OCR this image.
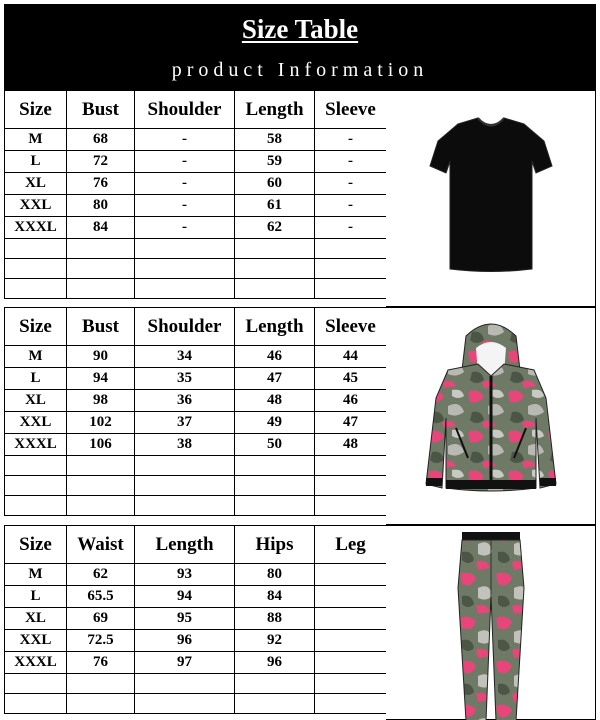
Size Table
product Information
Size	Bust	Shoulder	Length	Sleeve
M	68	-	58	-
L	72	-	59	-
XL	76	-	60	-
XXL	80	-	61	-
XXXL	84	-	62	-

Size	Bust	Shoulder	Length	Sleeve
M	90	34	46	44
L	94	35	47	45
XL	98	36	48	46
XXL	102	37	49	47
XXXL	106	38	50	48

Size	Waist	Length	Hips	Leg
M	62	93	80	
L	65.5	94	84	
XL	69	95	88	
XXL	72.5	96	92	
XXXL	76	97	96	
